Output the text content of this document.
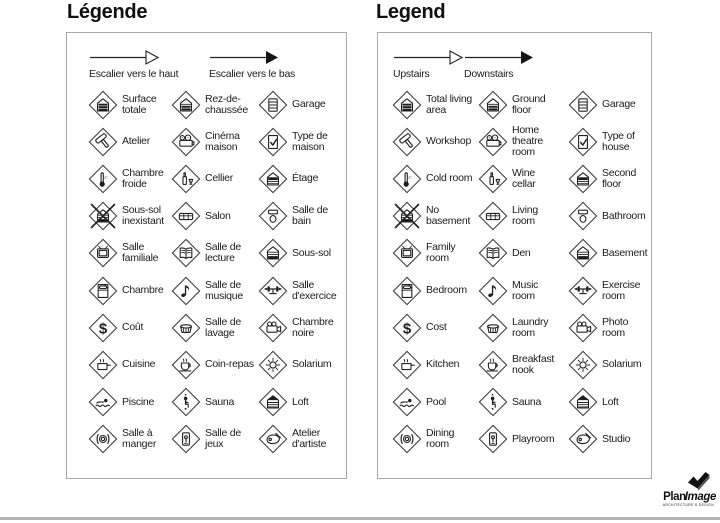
Légende	Legend
Escalier vers le haut	Escalier vers le bas
Surface totale
Rez-de-chaussée	Garage
Atelier	Cinéma maison
Type de maison
Chambre froide	Cellier	Étage
Sous-sol inexistant	Salon	Salle de bain
Salle familiale
Salle de lecture	Sous-sol
Chambre	Salle de musique
Salle d'exercice
Coût	Salle de lavage
Chambre noire
Cuisine	Coin-repas	Solarium
Piscine	Sauna	Loft
Salle à manger
Salle de jeux
Atelier d'artiste
Upstairs	Downstairs
Total living area
Ground floor	Garage
Workshop
Home theatre room
Type of house
Cold room	Wine cellar
Second floor
No basement
Living room	Bathroom
Family room	Den	Basement
Bedroom	Music room
Exercise room
Cost	Laundry room
Photo room
Kitchen	Breakfast nook	Solarium
Pool	Sauna	Loft
Dining room	Playroom	Studio
PlanImage
ARCHITECTURE & DESIGN
